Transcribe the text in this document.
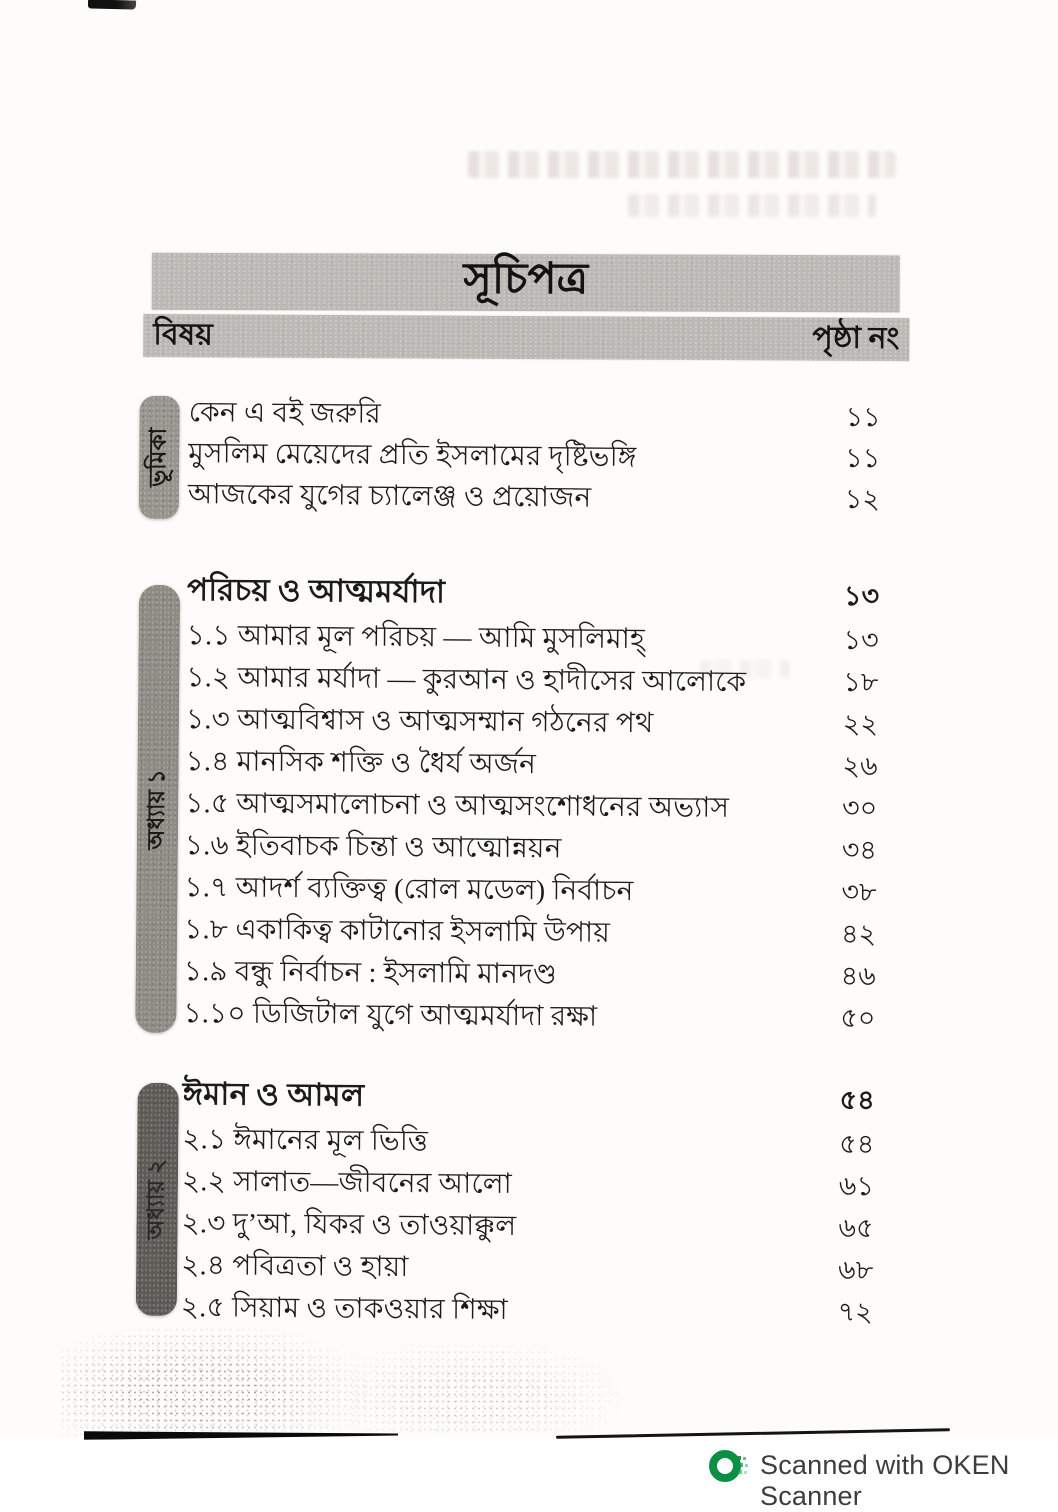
সূচিপত্র
বিষয়	পৃষ্ঠা নং
কেন এ বই জরুরি	১১
মুসলিম মেয়েদের প্রতি ইসলামের দৃষ্টিভঙ্গি	১১
আজকের যুগের চ্যালেঞ্জ ও প্রয়োজন	১২
পরিচয় ও আত্মমর্যাদা	১৩
১.১ আমার মূল পরিচয় — আমি মুসলিমাহ্	১৩
১.২ আমার মর্যাদা — কুরআন ও হাদীসের আলোকে	১৮
১.৩ আত্মবিশ্বাস ও আত্মসম্মান গঠনের পথ	২২
১.৪ মানসিক শক্তি ও ধৈর্য অর্জন	২৬
১.৫ আত্মসমালোচনা ও আত্মসংশোধনের অভ্যাস	৩০
১.৬ ইতিবাচক চিন্তা ও আত্মোন্নয়ন	৩৪
১.৭ আদর্শ ব্যক্তিত্ব (রোল মডেল) নির্বাচন	৩৮
১.৮ একাকিত্ব কাটানোর ইসলামি উপায়	৪২
১.৯ বন্ধু নির্বাচন : ইসলামি মানদণ্ড	৪৬
১.১০ ডিজিটাল যুগে আত্মমর্যাদা রক্ষা	৫০
ঈমান ও আমল	৫৪
২.১ ঈমানের মূল ভিত্তি	৫৪
২.২ সালাত—জীবনের আলো	৬১
২.৩ দু’আ, যিকর ও তাওয়াক্কুল	৬৫
২.৪ পবিত্রতা ও হায়া	৬৮
২.৫ সিয়াম ও তাকওয়ার শিক্ষা	৭২
ভূমিকা
অধ্যায় ১
অধ্যায় ২
Scanned with OKEN Scanner
